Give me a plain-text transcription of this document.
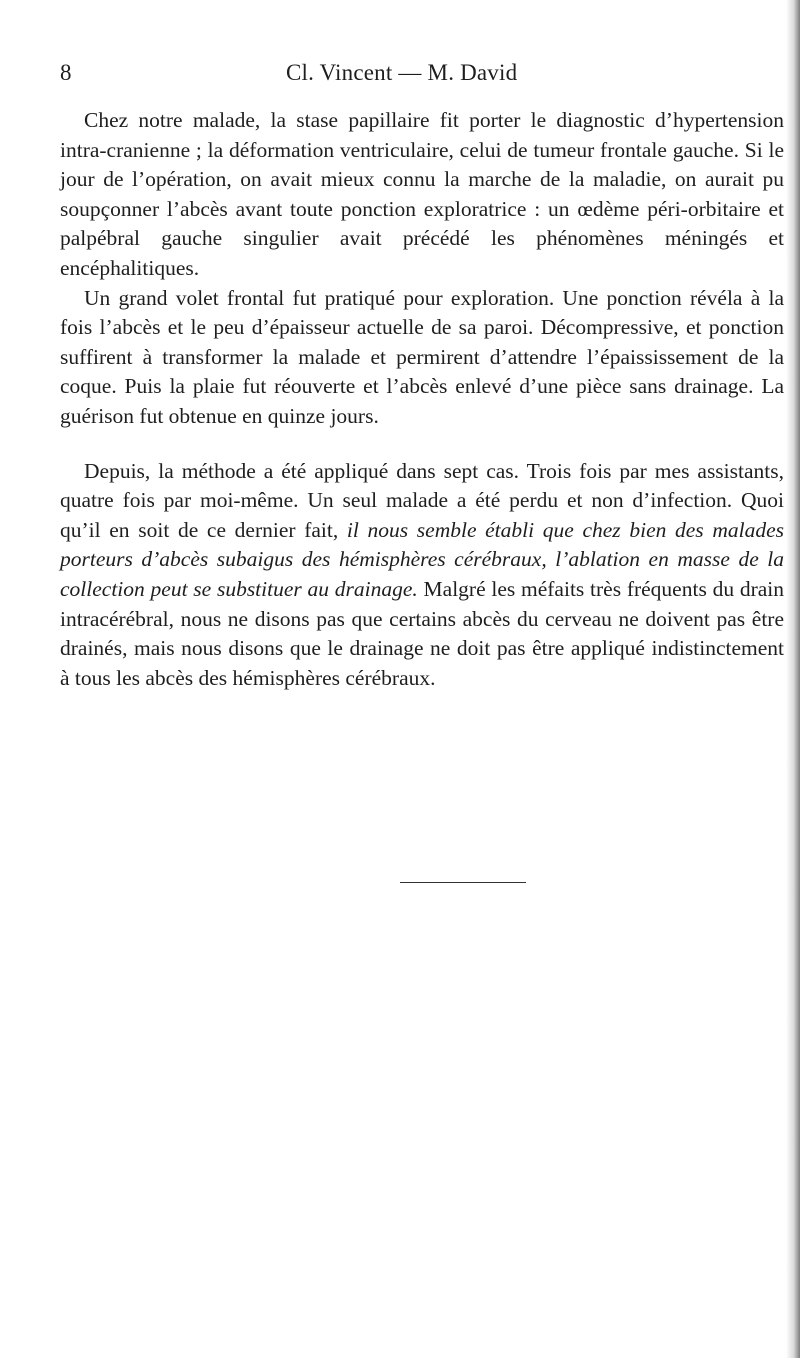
8	Cl. Vincent — M. David

Chez notre malade, la stase papillaire fit porter le diagnostic d’hypertension intra-cranienne ; la déformation ventriculaire, celui de tumeur frontale gauche. Si le jour de l’opération, on avait mieux connu la marche de la maladie, on aurait pu soupçonner l’abcès avant toute ponction exploratrice : un œdème péri-orbitaire et palpébral gauche singulier avait précédé les phénomènes méningés et encéphalitiques.

Un grand volet frontal fut pratiqué pour exploration. Une ponction révéla à la fois l’abcès et le peu d’épaisseur actuelle de sa paroi. Décompressive, et ponction suffirent à transformer la malade et permirent d’attendre l’épaississement de la coque. Puis la plaie fut réouverte et l’abcès enlevé d’une pièce sans drainage. La guérison fut obtenue en quinze jours.

Depuis, la méthode a été appliqué dans sept cas. Trois fois par mes assistants, quatre fois par moi-même. Un seul malade a été perdu et non d’infection. Quoi qu’il en soit de ce dernier fait, il nous semble établi que chez bien des malades porteurs d’abcès subaigus des hémisphères cérébraux, l’ablation en masse de la collection peut se substituer au drainage. Malgré les méfaits très fréquents du drain intracérébral, nous ne disons pas que certains abcès du cerveau ne doivent pas être drainés, mais nous disons que le drainage ne doit pas être appliqué indistinctement à tous les abcès des hémisphères cérébraux.
